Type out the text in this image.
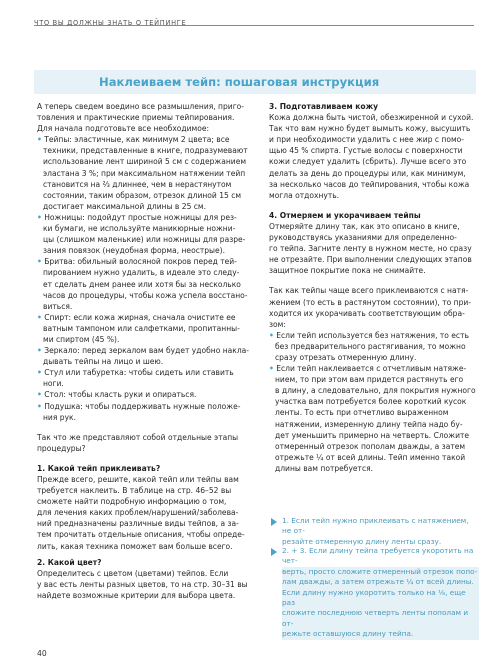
ЧТО ВЫ ДОЛЖНЫ ЗНАТЬ О ТЕЙПИНГЕ
Наклеиваем тейп: пошаговая инструкция

А теперь сведем воедино все размышления, приго-
товления и практические приемы тейпирования.
Для начала подготовьте все необходимое:

• Тейпы: эластичные, как минимум 2 цвета; все
техники, представленные в книге, подразумевают
использование лент шириной 5 см с содержанием
эластана 3 %; при максимальном натяжении тейп
становится на ⅔ длиннее, чем в нерастянутом
состоянии, таким образом, отрезок длиной 15 см
достигает максимальной длины в 25 см.
• Ножницы: подойдут простые ножницы для рез-
ки бумаги, не используйте маникюрные ножни-
цы (слишком маленькие) или ножницы для разре-
зания повязок (неудобная форма, неострые).
• Бритва: обильный волосяной покров перед тей-
пированием нужно удалить, в идеале это следу-
ет сделать днем ранее или хотя бы за несколько
часов до процедуры, чтобы кожа успела восстано-
виться.
• Спирт: если кожа жирная, сначала очистите ее
ватным тампоном или салфетками, пропитанны-
ми спиртом (45 %).
• Зеркало: перед зеркалом вам будет удобно накла-
дывать тейпы на лицо и шею.
• Стул или табуретка: чтобы сидеть или ставить
ноги.
• Стол: чтобы класть руки и опираться.
• Подушка: чтобы поддерживать нужные положе-
ния рук.

Так что же представляют собой отдельные этапы
процедуры?

1. Какой тейп приклеивать?

Прежде всего, решите, какой тейп или тейпы вам
требуется наклеить. В таблице на стр. 46–52 вы
сможете найти подробную информацию о том,
для лечения каких проблем/нарушений/заболева-
ний предназначены различные виды тейпов, а за-
тем прочитать отдельные описания, чтобы опреде-
лить, какая техника поможет вам больше всего.

2. Какой цвет?

Определитесь с цветом (цветами) тейпов. Если
у вас есть ленты разных цветов, то на стр. 30–31 вы
найдете возможные критерии для выбора цвета.

3. Подготавливаем кожу

Кожа должна быть чистой, обезжиренной и сухой.
Так что вам нужно будет вымыть кожу, высушить
и при необходимости удалить с нее жир с помо-
щью 45 % спирта. Густые волосы с поверхности
кожи следует удалить (сбрить). Лучше всего это
делать за день до процедуры или, как минимум,
за несколько часов до тейпирования, чтобы кожа
могла отдохнуть.

4. Отмеряем и укорачиваем тейпы

Отмеряйте длину так, как это описано в книге,
руководствуясь указаниями для определенно-
го тейпа. Загните ленту в нужном месте, но сразу
не отрезайте. При выполнении следующих этапов
защитное покрытие пока не снимайте.

Так как тейпы чаще всего приклеиваются с натя-
жением (то есть в растянутом состоянии), то при-
ходится их укорачивать соответствующим обра-
зом:

• Если тейп используется без натяжения, то есть
без предварительного растягивания, то можно
сразу отрезать отмеренную длину.
• Если тейп наклеивается с отчетливым натяже-
нием, то при этом вам придется растянуть его
в длину, а следовательно, для покрытия нужного
участка вам потребуется более короткий кусок
ленты. То есть при отчетливо выраженном
натяжении, измеренную длину тейпа надо бу-
дет уменьшить примерно на четверть. Сложите
отмеренный отрезок пополам дважды, а затем
отрежьте ¼ от всей длины. Тейп именно такой
длины вам потребуется.
1. Если тейп нужно приклеивать с натяжением, не от-
резайте отмеренную длину ленты сразу.
2. + 3. Если длину тейпа требуется укоротить на чет-
верть, просто сложите отмеренный отрезок попо-
лам дважды, а затем отрежьте ¼ от всей длины.
Если длину нужно укоротить только на ⅛, еще раз
сложите последнюю четверть ленты пополам и от-
режьте оставшуюся длину тейпа.
40
